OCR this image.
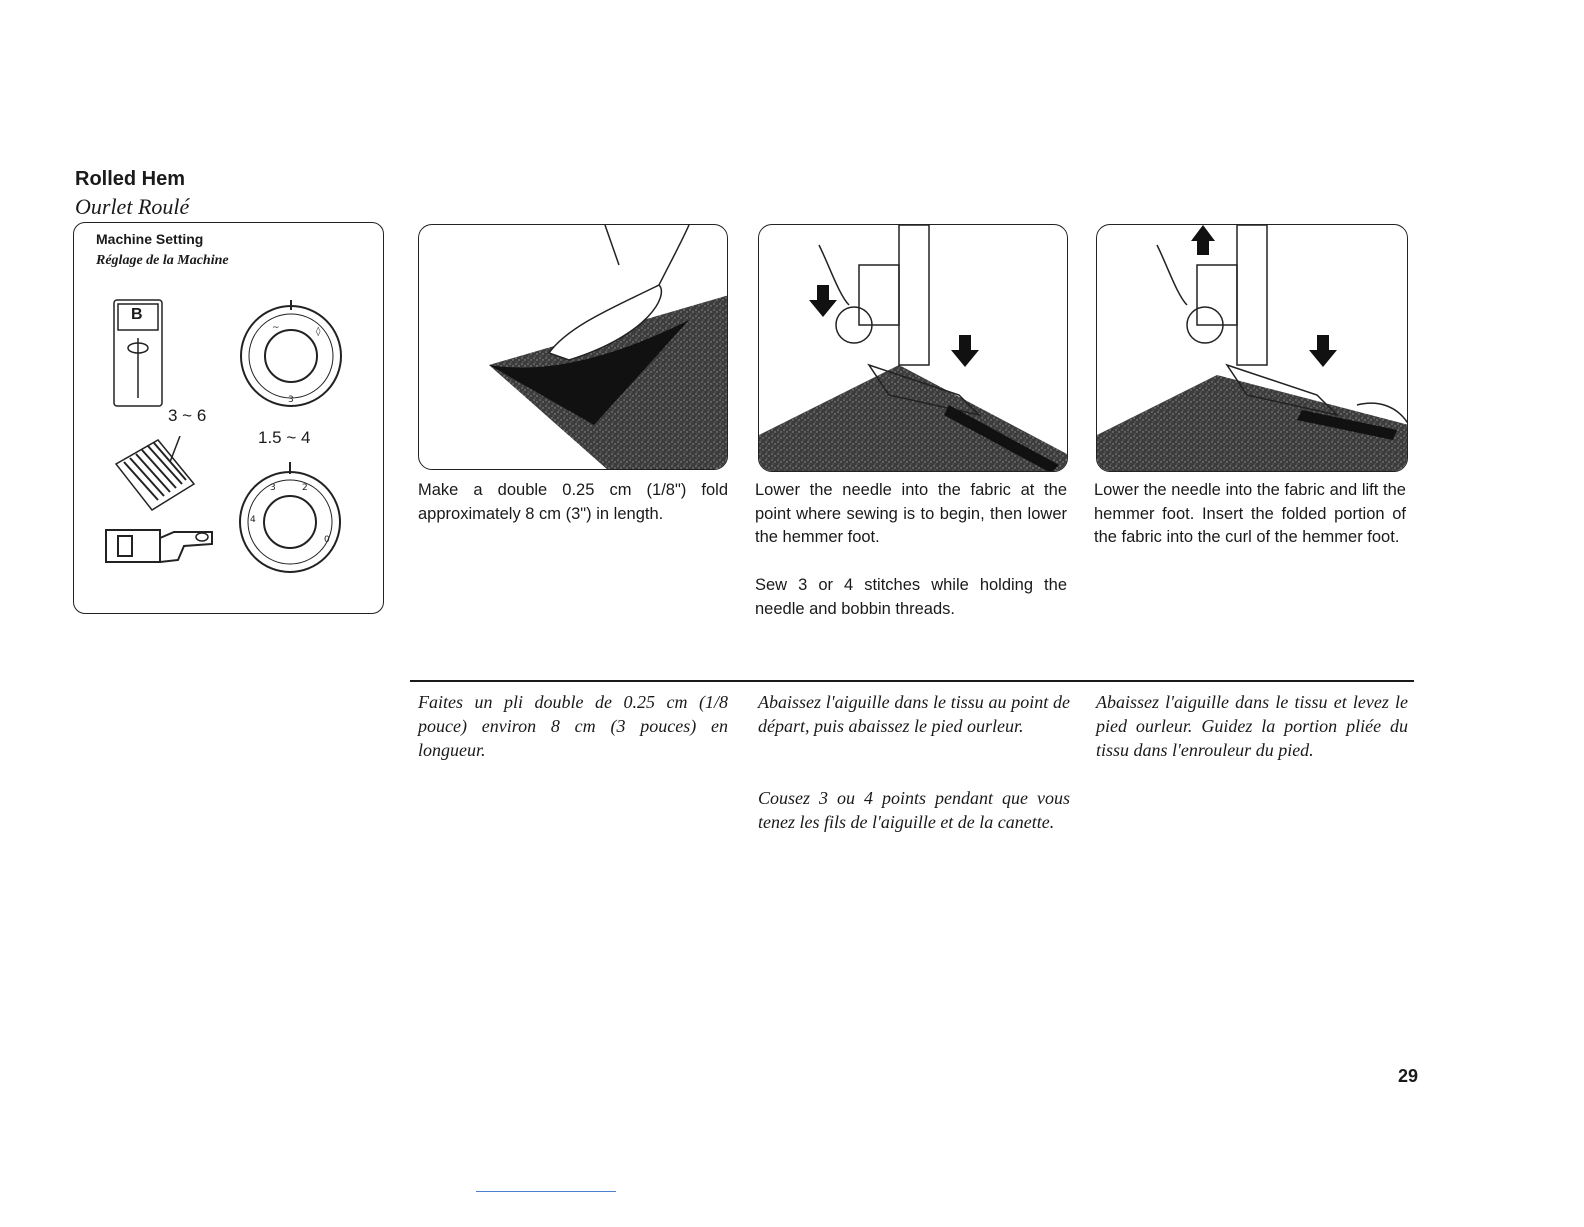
Rolled Hem
Ourlet Roulé
Machine Setting
Réglage de la Machine
B
3 ~ 6
1.5 ~ 4
~	◊
3
3	2
4
0
Make a double 0.25 cm (1/8") fold approximately 8 cm (3") in length.
Lower the needle into the fabric at the point where sewing is to begin, then lower the hemmer foot.
Sew 3 or 4 stitches while holding the needle and bobbin threads.
Lower the needle into the fabric and lift the hemmer foot. Insert the folded portion of the fabric into the curl of the hemmer foot.
Faites un pli double de 0.25 cm (1/8 pouce) environ 8 cm (3 pouces) en longueur.
Abaissez l'aiguille dans le tissu au point de départ, puis abaissez le pied ourleur.
Cousez 3 ou 4 points pendant que vous tenez les fils de l'aiguille et de la canette.
Abaissez l'aiguille dans le tissu et levez le pied ourleur. Guidez la portion pliée du tissu dans l'enrouleur du pied.
29
